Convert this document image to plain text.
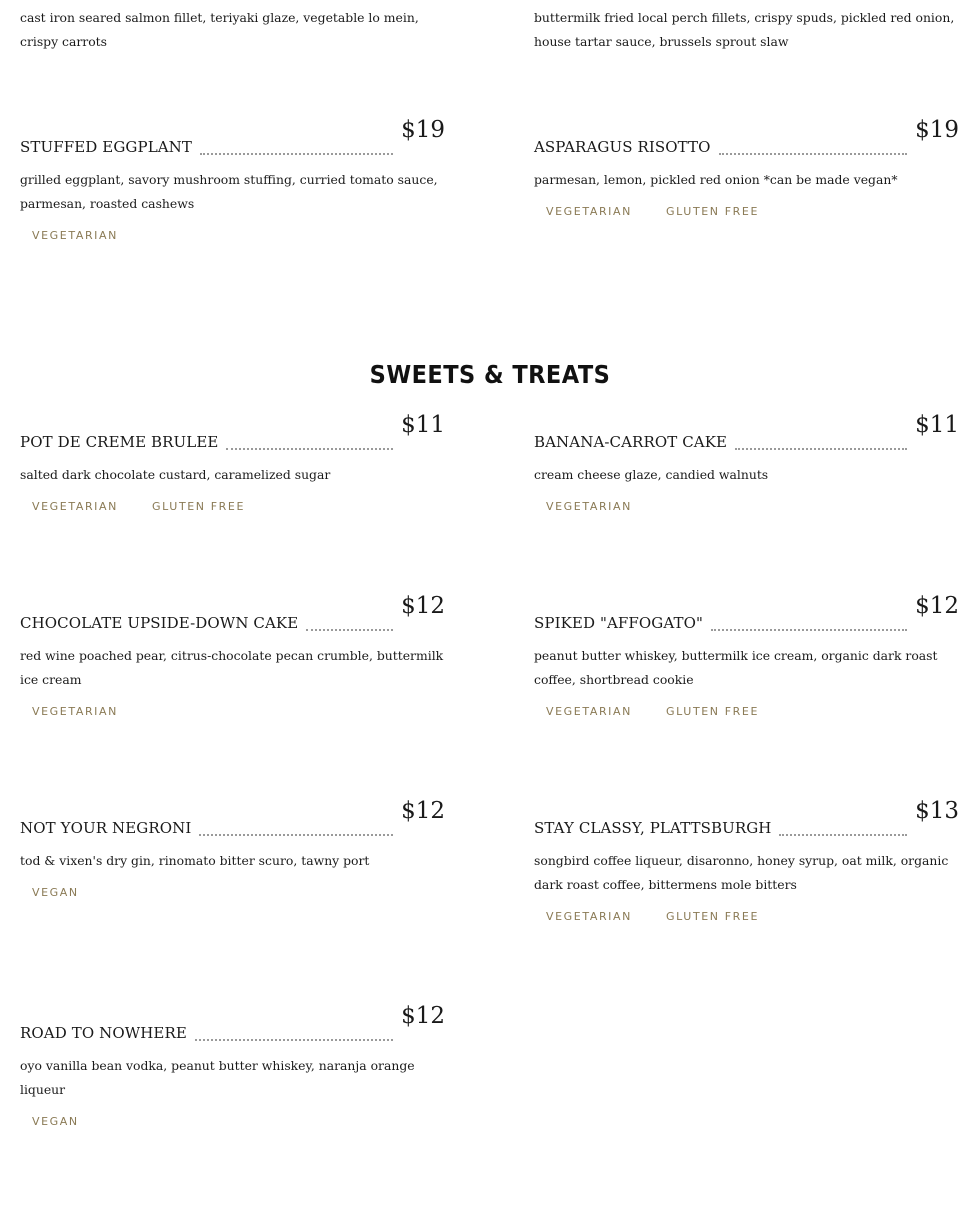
cast iron seared salmon fillet, teriyaki glaze, vegetable lo mein, crispy carrots
buttermilk fried local perch fillets, crispy spuds, pickled red onion, house tartar sauce, brussels sprout slaw
STUFFED EGGPLANT
$19
grilled eggplant, savory mushroom stuffing, curried tomato sauce, parmesan, roasted cashews
VEGETARIAN
ASPARAGUS RISOTTO
$19
parmesan, lemon, pickled red onion *can be made vegan*
VEGETARIAN	GLUTEN FREE
SWEETS & TREATS
POT DE CREME BRULEE
$11
salted dark chocolate custard, caramelized sugar
VEGETARIAN	GLUTEN FREE
BANANA-CARROT CAKE
$11
cream cheese glaze, candied walnuts
VEGETARIAN
CHOCOLATE UPSIDE-DOWN CAKE
$12
red wine poached pear, citrus-chocolate pecan crumble, buttermilk ice cream
VEGETARIAN
SPIKED "AFFOGATO"
$12
peanut butter whiskey, buttermilk ice cream, organic dark roast coffee, shortbread cookie
VEGETARIAN	GLUTEN FREE
NOT YOUR NEGRONI
$12
tod & vixen's dry gin, rinomato bitter scuro, tawny port
VEGAN
STAY CLASSY, PLATTSBURGH
$13
songbird coffee liqueur, disaronno, honey syrup, oat milk, organic dark roast coffee, bittermens mole bitters
VEGETARIAN	GLUTEN FREE
ROAD TO NOWHERE
$12
oyo vanilla bean vodka, peanut butter whiskey, naranja orange liqueur
VEGAN
